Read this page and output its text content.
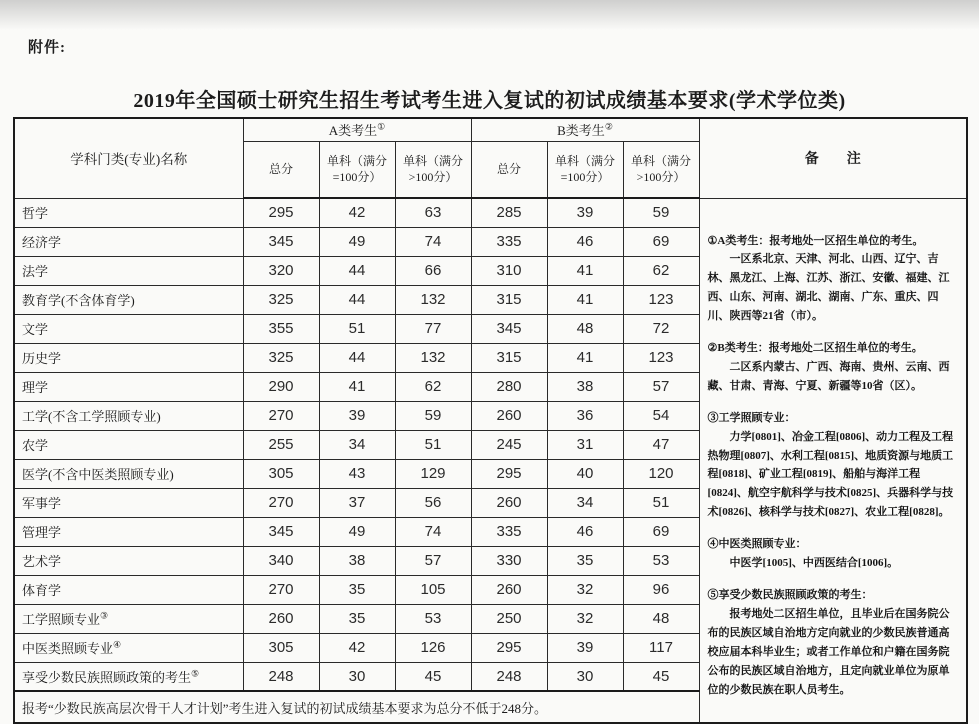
附件:
2019年全国硕士研究生招生考试考生进入复试的初试成绩基本要求(学术学位类)
学科门类(专业)名称	A类考生①			B类考生②			备　　注
	总分	单科（满分=100分）	单科（满分>100分）	总分	单科（满分=100分）	单科（满分>100分）	
哲学	295	42	63	285	39	59	

①A类考生：报考地处一区招生单位的考生。

一区系北京、天津、河北、山西、辽宁、吉林、黑龙江、上海、江苏、浙江、安徽、福建、江西、山东、河南、湖北、湖南、广东、重庆、四川、陕西等21省（市）。

②B类考生：报考地处二区招生单位的考生。

二区系内蒙古、广西、海南、贵州、云南、西藏、甘肃、青海、宁夏、新疆等10省（区）。

③工学照顾专业：

力学[0801]、冶金工程[0806]、动力工程及工程热物理[0807]、水利工程[0815]、地质资源与地质工程[0818]、矿业工程[0819]、船舶与海洋工程[0824]、航空宇航科学与技术[0825]、兵器科学与技术[0826]、核科学与技术[0827]、农业工程[0828]。

④中医类照顾专业：

中医学[1005]、中西医结合[1006]。

⑤享受少数民族照顾政策的考生：

报考地处二区招生单位，且毕业后在国务院公布的民族区域自治地方定向就业的少数民族普通高校应届本科毕业生；或者工作单位和户籍在国务院公布的民族区域自治地方，且定向就业单位为原单位的少数民族在职人员考生。

经济学	345	49	74	335	46	69	
法学	320	44	66	310	41	62	
教育学(不含体育学)	325	44	132	315	41	123	
文学	355	51	77	345	48	72	
历史学	325	44	132	315	41	123	
理学	290	41	62	280	38	57	
工学(不含工学照顾专业)	270	39	59	260	36	54	
农学	255	34	51	245	31	47	
医学(不含中医类照顾专业)	305	43	129	295	40	120	
军事学	270	37	56	260	34	51	
管理学	345	49	74	335	46	69	
艺术学	340	38	57	330	35	53	
体育学	270	35	105	260	32	96	
工学照顾专业③	260	35	53	250	32	48	
中医类照顾专业④	305	42	126	295	39	117	
享受少数民族照顾政策的考生⑤	248	30	45	248	30	45	
报考“少数民族高层次骨干人才计划”考生进入复试的初试成绩基本要求为总分不低于248分。							
